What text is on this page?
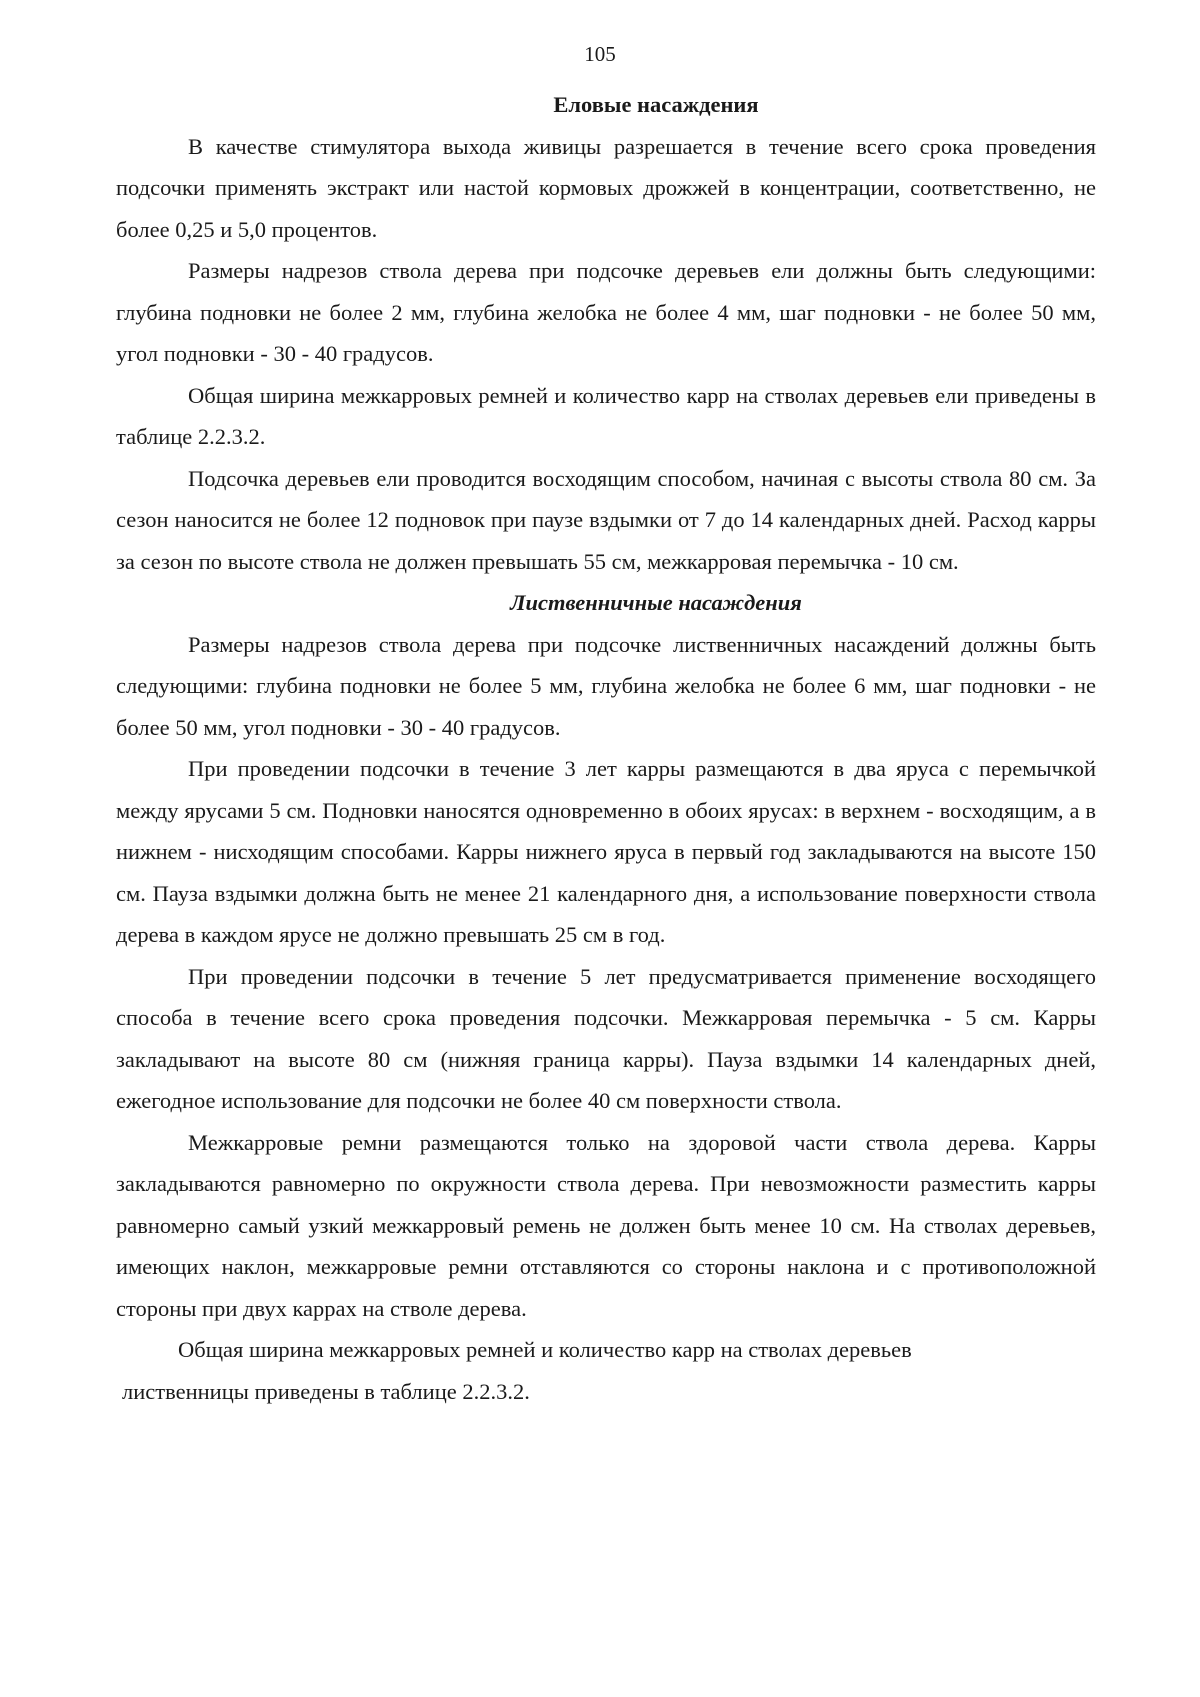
105

Еловые насаждения

В качестве стимулятора выхода живицы разрешается в течение всего срока проведения подсочки применять экстракт или настой кормовых дрожжей в концентрации, соответственно, не более 0,25 и 5,0 процентов.

Размеры надрезов ствола дерева при подсочке деревьев ели должны быть следующими: глубина подновки не более 2 мм, глубина желобка не более 4 мм, шаг подновки - не более 50 мм, угол подновки - 30 - 40 градусов.

Общая ширина межкарровых ремней и количество карр на стволах деревьев ели приведены в таблице 2.2.3.2.

Подсочка деревьев ели проводится восходящим способом, начиная с высоты ствола 80 см. За сезон наносится не более 12 подновок при паузе вздымки от 7 до 14 календарных дней. Расход карры за сезон по высоте ствола не должен превышать 55 см, межкарровая перемычка - 10 см.

Лиственничные насаждения

Размеры надрезов ствола дерева при подсочке лиственничных насаждений должны быть следующими: глубина подновки не более 5 мм, глубина желобка не более 6 мм, шаг подновки - не более 50 мм, угол подновки - 30 - 40 градусов.

При проведении подсочки в течение 3 лет карры размещаются в два яруса с перемычкой между ярусами 5 см. Подновки наносятся одновременно в обоих ярусах: в верхнем - восходящим, а в нижнем - нисходящим способами. Карры нижнего яруса в первый год закладываются на высоте 150 см. Пауза вздымки должна быть не менее 21 календарного дня, а использование поверхности ствола дерева в каждом ярусе не должно превышать 25 см в год.

При проведении подсочки в течение 5 лет предусматривается применение восходящего способа в течение всего срока проведения подсочки. Межкарровая перемычка - 5 см. Карры закладывают на высоте 80 см (нижняя граница карры). Пауза вздымки 14 календарных дней, ежегодное использование для подсочки не более 40 см поверхности ствола.

Межкарровые ремни размещаются только на здоровой части ствола дерева. Карры закладываются равномерно по окружности ствола дерева. При невозможности разместить карры равномерно самый узкий межкарровый ремень не должен быть менее 10 см. На стволах деревьев, имеющих наклон, межкарровые ремни отставляются со стороны наклона и с противоположной стороны при двух каррах на стволе дерева.

Общая ширина межкарровых ремней и количество карр на стволах деревьев
лиственницы приведены в таблице 2.2.3.2.
